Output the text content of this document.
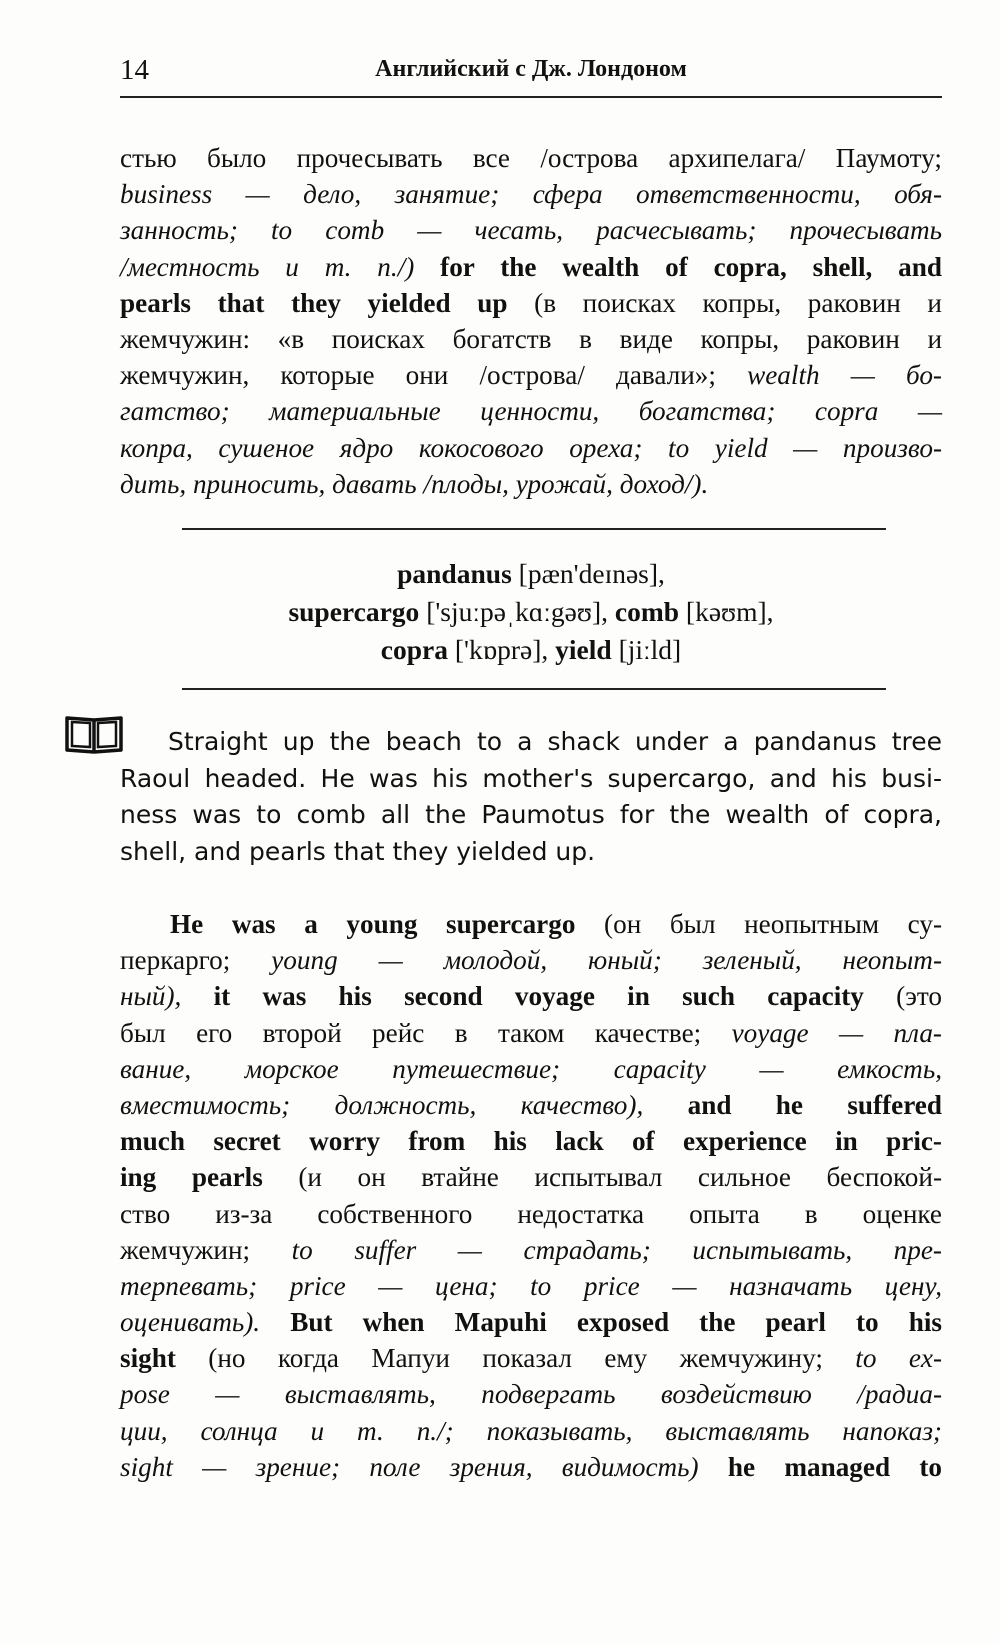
14	Английский с Дж. Лондоном
стью было прочесывать все /острова архипелага/ Паумоту;
business — дело, занятие; сфера ответственности, обя-
занность; to comb — чесать, расчесывать; прочесывать
/местность и т. п./) for the wealth of copra, shell, and
pearls that they yielded up (в поисках копры, раковин и
жемчужин: «в поисках богатств в виде копры, раковин и
жемчужин, которые они /острова/ давали»; wealth — бо-
гатство; материальные ценности, богатства; copra —
копра, сушеное ядро кокосового ореха; to yield — произво-
дить, приносить, давать /плоды, урожай, доход/).
pandanus [pæn'deɪnəs],
supercargo ['sjuːpəˌkɑːgəʊ], comb [kəʊm],
copra ['kɒprə], yield [jiːld]
Straight up the beach to a shack under a pandanus tree
Raoul headed. He was his mother's supercargo, and his busi-
ness was to comb all the Paumotus for the wealth of copra,
shell, and pearls that they yielded up.
He was a young supercargo (он был неопытным су-
перкарго; young — молодой, юный; зеленый, неопыт-
ный), it was his second voyage in such capacity (это
был его второй рейс в таком качестве; voyage — пла-
вание, морское путешествие; capacity — емкость,
вместимость; должность, качество), and he suffered
much secret worry from his lack of experience in pric-
ing pearls (и он втайне испытывал сильное беспокой-
ство из-за собственного недостатка опыта в оценке
жемчужин; to suffer — страдать; испытывать, пре-
терпевать; price — цена; to price — назначать цену,
оценивать). But when Mapuhi exposed the pearl to his
sight (но когда Мапуи показал ему жемчужину; to ex-
pose — выставлять, подвергать воздействию /радиа-
ции, солнца и т. п./; показывать, выставлять напоказ;
sight — зрение; поле зрения, видимость) he managed to
